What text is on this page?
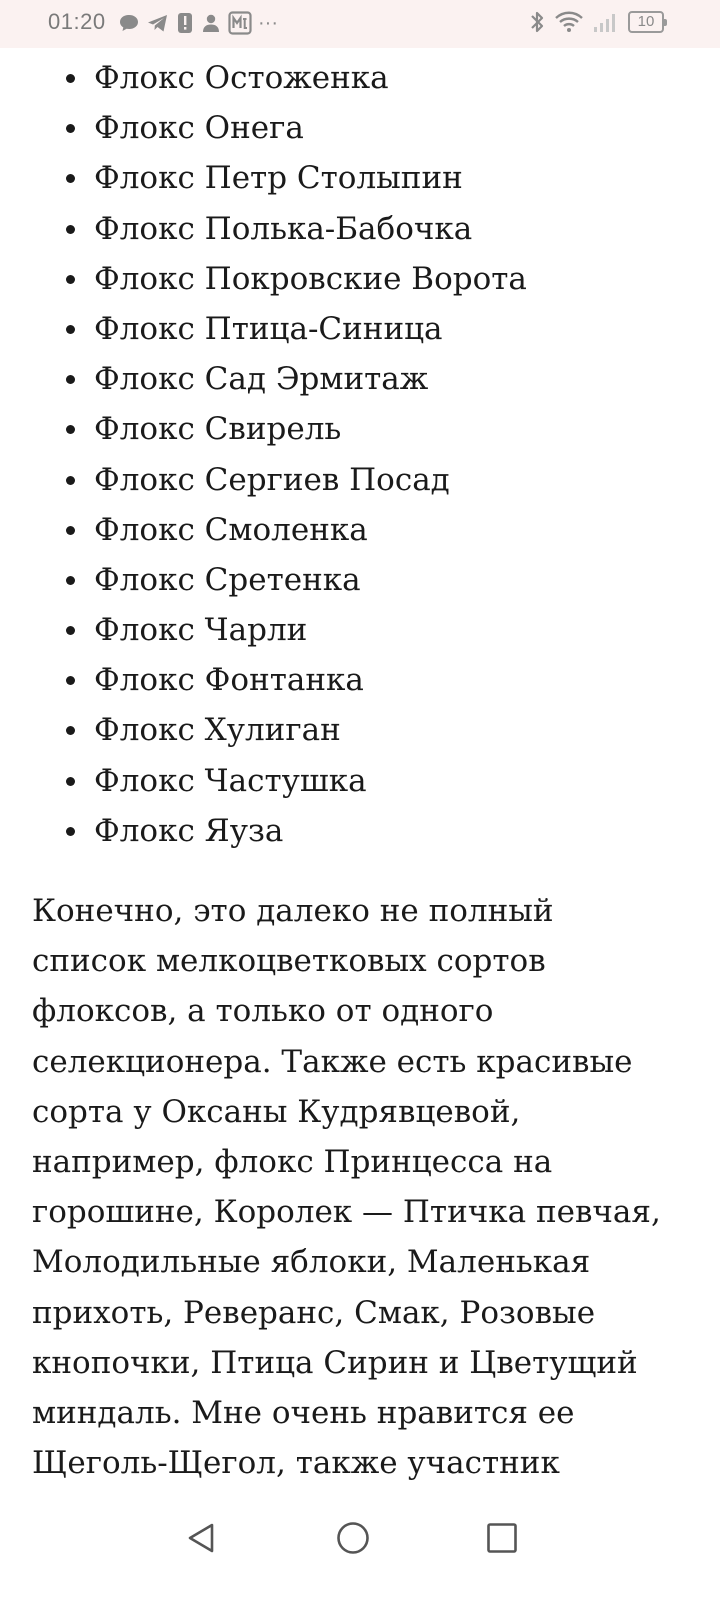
01:20	···	10
Флокс Остоженка
Флокс Онега
Флокс Петр Столыпин
Флокс Полька-Бабочка
Флокс Покровские Ворота
Флокс Птица-Синица
Флокс Сад Эрмитаж
Флокс Свирель
Флокс Сергиев Посад
Флокс Смоленка
Флокс Сретенка
Флокс Чарли
Флокс Фонтанка
Флокс Хулиган
Флокс Частушка
Флокс Яуза

Конечно, это далеко не полный список мелкоцветковых сортов флоксов, а только от одного селекционера. Также есть красивые сорта у Оксаны Кудрявцевой, например, флокс Принцесса на горошине, Королек — Птичка певчая, Молодильные яблоки, Маленькая прихоть, Реверанс, Смак, Розовые кнопочки, Птица Сирин и Цветущий миндаль. Мне очень нравится ее Щеголь-Щегол, также участник
